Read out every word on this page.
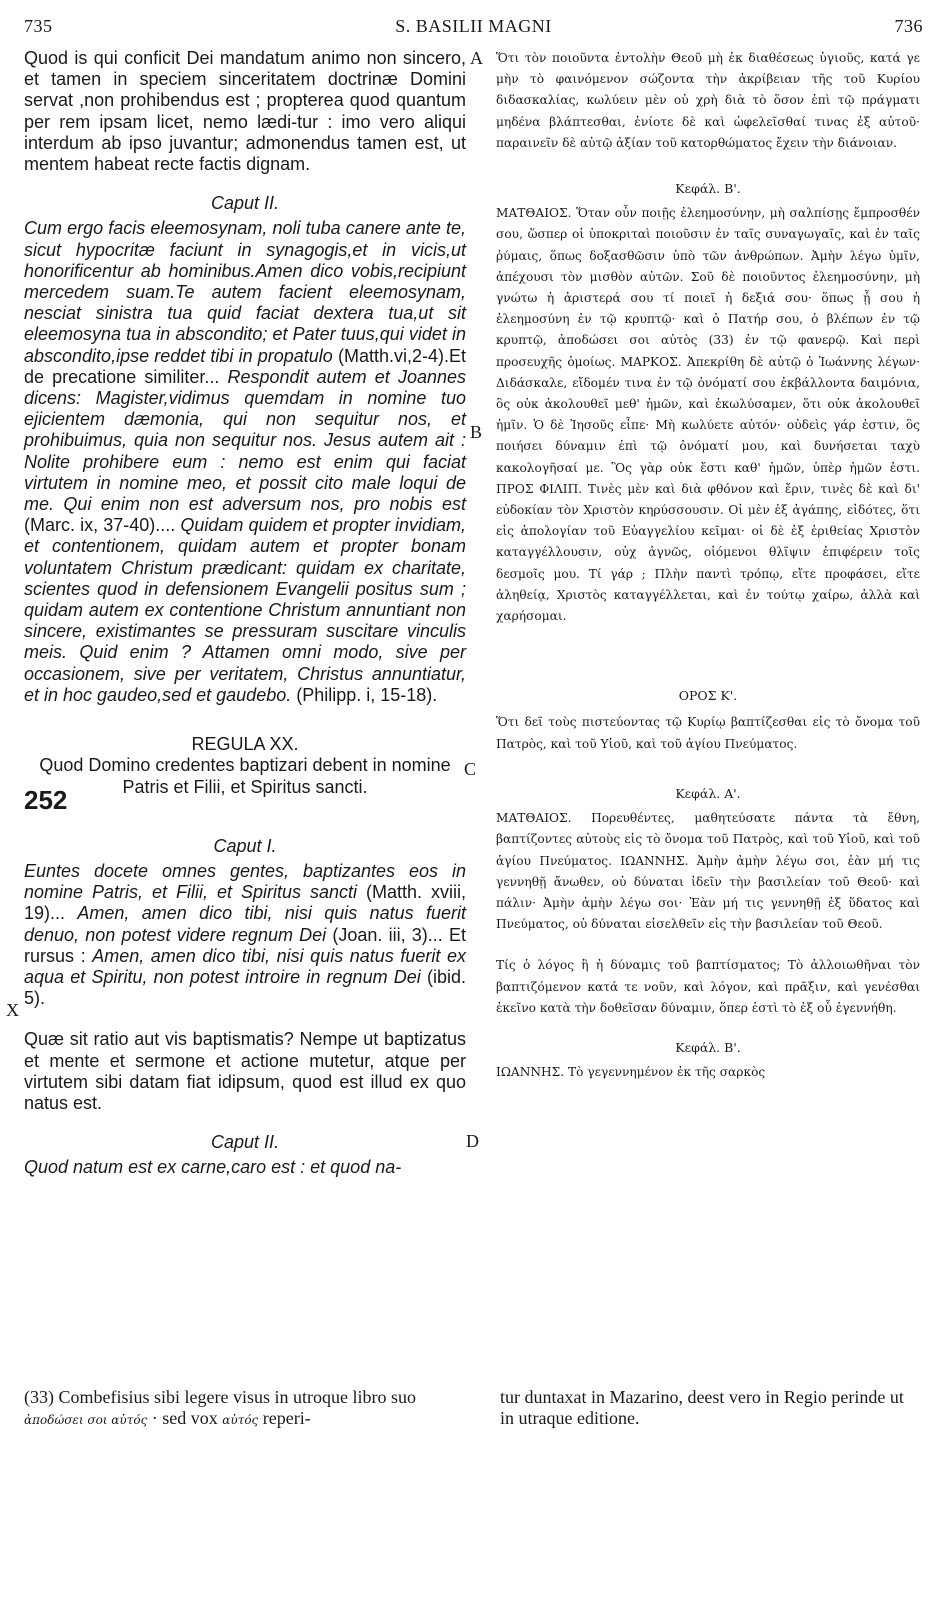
735	S. BASILII MAGNI	736
A
B
C
D
X
252

Quod is qui conficit Dei mandatum animo non sincero, et tamen in speciem sinceritatem doctrinæ Domini servat ,non prohibendus est ; propterea quod quantum per rem ipsam licet, nemo lædi-tur : imo vero aliqui interdum ab ipso juvantur; admonendus tamen est, ut mentem habeat recte factis dignam.

Caput II.

Cum ergo facis eleemosynam, noli tuba canere ante te, sicut hypocritæ faciunt in synagogis,et in vicis,ut honorificentur ab hominibus.Amen dico vobis,recipiunt mercedem suam.Te autem facient eleemosynam, nesciat sinistra tua quid faciat dextera tua,ut sit eleemosyna tua in abscondito; et Pater tuus,qui videt in abscondito,ipse reddet tibi in propatulo (Matth.vi,2-4).Et de precatione similiter... Respondit autem et Joannes dicens: Magister,vidimus quemdam in nomine tuo ejicientem dæmonia, qui non sequitur nos, et prohibuimus, quia non sequitur nos. Jesus autem ait : Nolite prohibere eum : nemo est enim qui faciat virtutem in nomine meo, et possit cito male loqui de me. Qui enim non est adversum nos, pro nobis est (Marc. ix, 37-40).... Quidam quidem et propter invidiam, et contentionem, quidam autem et propter bonam voluntatem Christum prædicant: quidam ex charitate, scientes quod in defensionem Evangelii positus sum ; quidam autem ex contentione Christum annuntiant non sincere, existimantes se pressuram suscitare vinculis meis. Quid enim ? Attamen omni modo, sive per occasionem, sive per veritatem, Christus annuntiatur, et in hoc gaudeo,sed et gaudebo. (Philipp. i, 15-18).

REGULA XX.

Quod Domino credentes baptizari debent in nomine Patris et Filii, et Spiritus sancti.

Caput I.

Euntes docete omnes gentes, baptizantes eos in nomine Patris, et Filii, et Spiritus sancti (Matth. xviii, 19)... Amen, amen dico tibi, nisi quis natus fuerit denuo, non potest videre regnum Dei (Joan. iii, 3)... Et rursus : Amen, amen dico tibi, nisi quis natus fuerit ex aqua et Spiritu, non potest introire in regnum Dei (ibid. 5).

Quæ sit ratio aut vis baptismatis? Nempe ut baptizatus et mente et sermone et actione mutetur, atque per virtutem sibi datam fiat idipsum, quod est illud ex quo natus est.

Caput II.

Quod natum est ex carne,caro est : et quod na-

Ὅτι τὸν ποιοῦντα ἐντολὴν Θεοῦ μὴ ἐκ διαθέσεως ὑγιοῦς, κατά γε μὴν τὸ φαινόμενον σώζοντα τὴν ἀκρίβειαν τῆς τοῦ Κυρίου διδασκαλίας, κωλύειν μὲν οὐ χρὴ διὰ τὸ ὅσον ἐπὶ τῷ πράγματι μηδένα βλάπτεσθαι, ἐνίοτε δὲ καὶ ὠφελεῖσθαί τινας ἐξ αὐτοῦ· παραινεῖν δὲ αὐτῷ ἀξίαν τοῦ κατορθώματος ἔχειν τὴν διάνοιαν.

Κεφάλ. Β'.

ΜΑΤΘΑΙΟΣ. Ὅταν οὖν ποιῇς ἐλεημοσύνην, μὴ σαλπίσῃς ἔμπροσθέν σου, ὥσπερ οἱ ὑποκριταὶ ποιοῦσιν ἐν ταῖς συναγωγαῖς, καὶ ἐν ταῖς ῥύμαις, ὅπως δοξασθῶσιν ὑπὸ τῶν ἀνθρώπων. Ἀμὴν λέγω ὑμῖν, ἀπέχουσι τὸν μισθὸν αὐτῶν. Σοῦ δὲ ποιοῦντος ἐλεημοσύνην, μὴ γνώτω ἡ ἀριστερά σου τί ποιεῖ ἡ δεξιά σου· ὅπως ᾖ σου ἡ ἐλεημοσύνη ἐν τῷ κρυπτῷ· καὶ ὁ Πατήρ σου, ὁ βλέπων ἐν τῷ κρυπτῷ, ἀποδώσει σοι αὐτὸς (33) ἐν τῷ φανερῷ. Καὶ περὶ προσευχῆς ὁμοίως. ΜΑΡΚΟΣ. Ἀπεκρίθη δὲ αὐτῷ ὁ Ἰωάννης λέγων· Διδάσκαλε, εἴδομέν τινα ἐν τῷ ὀνόματί σου ἐκβάλλοντα δαιμόνια, ὃς οὐκ ἀκολουθεῖ μεθ' ἡμῶν, καὶ ἐκωλύσαμεν, ὅτι οὐκ ἀκολουθεῖ ἡμῖν. Ὁ δὲ Ἰησοῦς εἶπε· Μὴ κωλύετε αὐτόν· οὐδεὶς γάρ ἐστιν, ὃς ποιήσει δύναμιν ἐπὶ τῷ ὀνόματί μου, καὶ δυνήσεται ταχὺ κακολογῆσαί με. Ὃς γὰρ οὐκ ἔστι καθ' ἡμῶν, ὑπὲρ ἡμῶν ἐστι. ΠΡΟΣ ΦΙΛΙΠ. Τινὲς μὲν καὶ διὰ φθόνον καὶ ἔριν, τινὲς δὲ καὶ δι' εὐδοκίαν τὸν Χριστὸν κηρύσσουσιν. Οἱ μὲν ἐξ ἀγάπης, εἰδότες, ὅτι εἰς ἀπολογίαν τοῦ Εὐαγγελίου κεῖμαι· οἱ δὲ ἐξ ἐριθείας Χριστὸν καταγγέλλουσιν, οὐχ ἁγνῶς, οἰόμενοι θλῖψιν ἐπιφέρειν τοῖς δεσμοῖς μου. Τί γάρ ; Πλὴν παντὶ τρόπῳ, εἴτε προφάσει, εἴτε ἀληθείᾳ, Χριστὸς καταγγέλλεται, καὶ ἐν τούτῳ χαίρω, ἀλλὰ καὶ χαρήσομαι.

ΟΡΟΣ Κ'.

Ὅτι δεῖ τοὺς πιστεύοντας τῷ Κυρίῳ βαπτίζεσθαι εἰς τὸ ὄνομα τοῦ Πατρὸς, καὶ τοῦ Υἱοῦ, καὶ τοῦ ἁγίου Πνεύματος.

Κεφάλ. Α'.

ΜΑΤΘΑΙΟΣ. Πορευθέντες, μαθητεύσατε πάντα τὰ ἔθνη, βαπτίζοντες αὐτοὺς εἰς τὸ ὄνομα τοῦ Πατρὸς, καὶ τοῦ Υἱοῦ, καὶ τοῦ ἁγίου Πνεύματος. ΙΩΑΝΝΗΣ. Ἀμὴν ἀμὴν λέγω σοι, ἐὰν μή τις γεννηθῇ ἄνωθεν, οὐ δύναται ἰδεῖν τὴν βασιλείαν τοῦ Θεοῦ· καὶ πάλιν· Ἀμὴν ἀμὴν λέγω σοι· Ἐὰν μή τις γεννηθῇ ἐξ ὕδατος καὶ Πνεύματος, οὐ δύναται εἰσελθεῖν εἰς τὴν βασιλείαν τοῦ Θεοῦ.

Τίς ὁ λόγος ἢ ἡ δύναμις τοῦ βαπτίσματος; Τὸ ἀλλοιωθῆναι τὸν βαπτιζόμενον κατά τε νοῦν, καὶ λόγον, καὶ πρᾶξιν, καὶ γενέσθαι ἐκεῖνο κατὰ τὴν δοθεῖσαν δύναμιν, ὅπερ ἐστὶ τὸ ἐξ οὗ ἐγεννήθη.

Κεφάλ. Β'.

ΙΩΑΝΝΗΣ. Τὸ γεγεννημένον ἐκ τῆς σαρκὸς

(33) Combefisius sibi legere visus in utroque libro suo ἀποδώσει σοι αὐτός · sed vox αὐτός reperi-
tur duntaxat in Mazarino, deest vero in Regio perinde ut in utraque editione.
